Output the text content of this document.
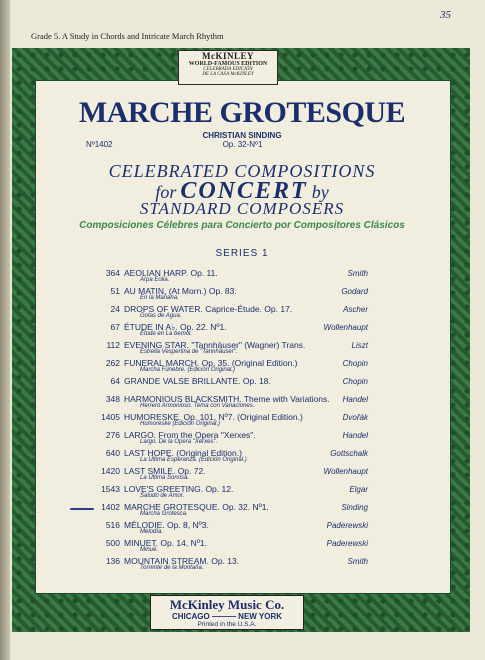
35
Grade 5. A Study in Chords and Intricate March Rhythm
McKINLEY
WORLD-FAMOUS EDITION
CELEBRADA EDICIÓN
DE LA CASA McKINLEY
MARCHE GROTESQUE
CHRISTIAN SINDING
Nº1402	Op. 32-Nº1
CELEBRATED COMPOSITIONS
for CONCERT by
STANDARD COMPOSERS
Composiciones Célebres para Concierto por Compositores Clásicos
SERIES 1
364 AEOLIAN HARP. Op. 11.
Arpa Eolia.
Smith
51 AU MATIN. (At Morn.) Op. 83.
En la Mañana.
Godard
24 DROPS OF WATER. Caprice-Étude. Op. 17.
Gotas de Agua.
Ascher
67 ÉTUDE IN A♭. Op. 22. Nº1.
Étude en La bemol.
Wollenhaupt
112 EVENING STAR. "Tannhäuser" (Wagner) Trans.
Estrella Vespertina de "Tannhäuser".
Liszt
262 FUNERAL MARCH. Op. 35. (Original Edition.)
Marcha Fúnebre. (Edición Original.)
Chopin
64 GRANDE VALSE BRILLANTE. Op. 18.	Chopin
348 HARMONIOUS BLACKSMITH. Theme with Variations.
Herrero Armonioso. Tema con Variaciones.
Handel
1405 HUMORESKE. Op. 101, Nº7. (Original Edition.)
Humoreske (Edición Original.)
Dvořák
276 LARGO. From the Opera "Xerxes".
Largo. De la Ópera "Xerxes".
Handel
640 LAST HOPE. (Original Edition.)
La Última Esperanza. (Edición Original.)
Gottschalk
1420 LAST SMILE. Op. 72.
La Última Sonrisa.
Wollenhaupt
1543 LOVE'S GREETING. Op. 12.
Saludo de Amor.
Elgar
1402 MARCHE GROTESQUE. Op. 32. Nº1.
Marcha Grotesca.
Sinding
516 MÉLODIE. Op. 8, Nº3.
Melodía.
Paderewski
500 MINUET. Op. 14, Nº1.
Minué.
Paderewski
136 MOUNTAIN STREAM. Op. 13.
Torrente de la Montaña.
Smith
McKinley Music Co.
CHICAGO ——— NEW YORK
Printed in the U.S.A.
